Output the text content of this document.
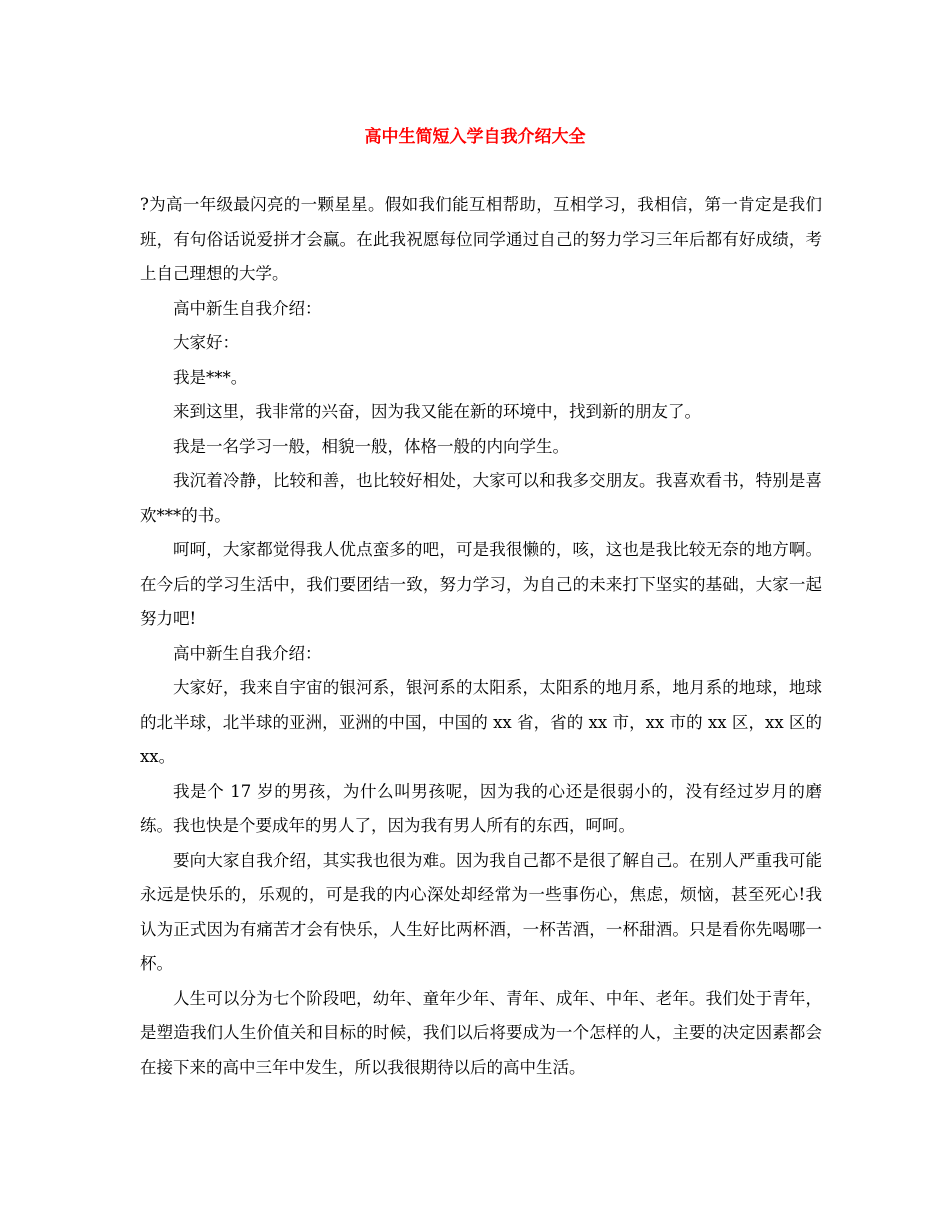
高中生简短入学自我介绍大全

?为高一年级最闪亮的一颗星星。假如我们能互相帮助，互相学习，我相信，第一肯定是我们班，有句俗话说爱拼才会赢。在此我祝愿每位同学通过自己的努力学习三年后都有好成绩，考上自己理想的大学。

高中新生自我介绍：

大家好：

我是***。

来到这里，我非常的兴奋，因为我又能在新的环境中，找到新的朋友了。

我是一名学习一般，相貌一般，体格一般的内向学生。

我沉着冷静，比较和善，也比较好相处，大家可以和我多交朋友。我喜欢看书，特别是喜欢***的书。

呵呵，大家都觉得我人优点蛮多的吧，可是我很懒的，咳，这也是我比较无奈的地方啊。 在今后的学习生活中，我们要团结一致，努力学习，为自己的未来打下坚实的基础，大家一起努力吧!

高中新生自我介绍：

大家好，我来自宇宙的银河系，银河系的太阳系，太阳系的地月系，地月系的地球，地球的北半球，北半球的亚洲，亚洲的中国，中国的 xx 省，省的 xx 市，xx 市的 xx 区，xx 区的 xx。

我是个 17 岁的男孩，为什么叫男孩呢，因为我的心还是很弱小的，没有经过岁月的磨练。我也快是个要成年的男人了，因为我有男人所有的东西，呵呵。

要向大家自我介绍，其实我也很为难。因为我自己都不是很了解自己。在别人严重我可能永远是快乐的，乐观的，可是我的内心深处却经常为一些事伤心，焦虑，烦恼，甚至死心!我认为正式因为有痛苦才会有快乐，人生好比两杯酒，一杯苦酒，一杯甜酒。只是看你先喝哪一杯。

人生可以分为七个阶段吧，幼年、童年少年、青年、成年、中年、老年。我们处于青年，是塑造我们人生价值关和目标的时候，我们以后将要成为一个怎样的人，主要的决定因素都会在接下来的高中三年中发生，所以我很期待以后的高中生活。
